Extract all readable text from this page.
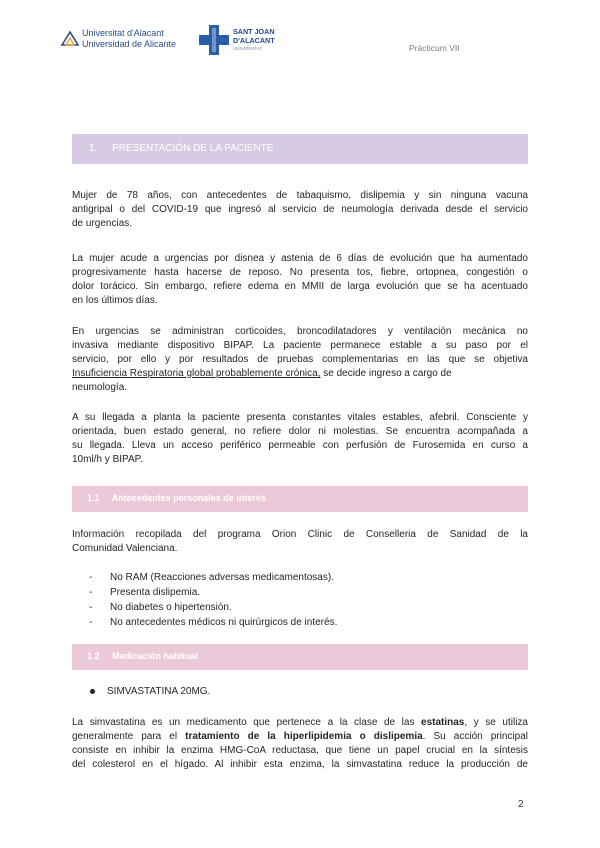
Universitat d'Alacant
Universidad de Alicante
SANT JOAN
D'ALACANT
UNIVERSITAT	Prácticum VII
1. PRESENTACIÓN DE LA PACIENTE

Mujer de 78 años, con antecedentes de tabaquismo, dislipemia y sin ninguna vacuna

antigripal o del COVID-19 que ingresó al servicio de neumología derivada desde el servicio

de urgencias.

La mujer acude a urgencias por disnea y astenia de 6 días de evolución que ha aumentado

progresivamente hasta hacerse de reposo. No presenta tos, fiebre, ortopnea, congestión o

dolor torácico. Sin embargo, refiere edema en MMII de larga evolución que se ha acentuado

en los últimos días.

En urgencias se administran corticoides, broncodilatadores y ventilación mecánica no

invasiva mediante dispositivo BIPAP. La paciente permanece estable a su paso por el

servicio, por ello y por resultados de pruebas complementarias en las que se objetiva

Insuficiencia Respiratoria global probablemente crónica, se decide ingreso a cargo de

neumología.

A su llegada a planta la paciente presenta constantes vitales estables, afebril. Consciente y

orientada, buen estado general, no refiere dolor ni molestias. Se encuentra acompañada a

su llegada. Lleva un acceso periférico permeable con perfusión de Furosemida en curso a

10ml/h y BIPAP.

1.1 Antecedentes personales de interés

Información recopilada del programa Orion Clinic de Conselleria de Sanidad de la

Comunidad Valenciana.

- No RAM (Reacciones adversas medicamentosas).
- Presenta dislipemia.
- No diabetes o hipertensión.
- No antecedentes médicos ni quirúrgicos de interés.
1.2 Medicación habitual
SIMVASTATINA 20MG.

La simvastatina es un medicamento que pertenece a la clase de las estatinas, y se utiliza

generalmente para el tratamiento de la hiperlipidemia o dislipemia. Su acción principal

consiste en inhibir la enzima HMG-CoA reductasa, que tiene un papel crucial en la síntesis

del colesterol en el hígado. Al inhibir esta enzima, la simvastatina reduce la producción de

2
